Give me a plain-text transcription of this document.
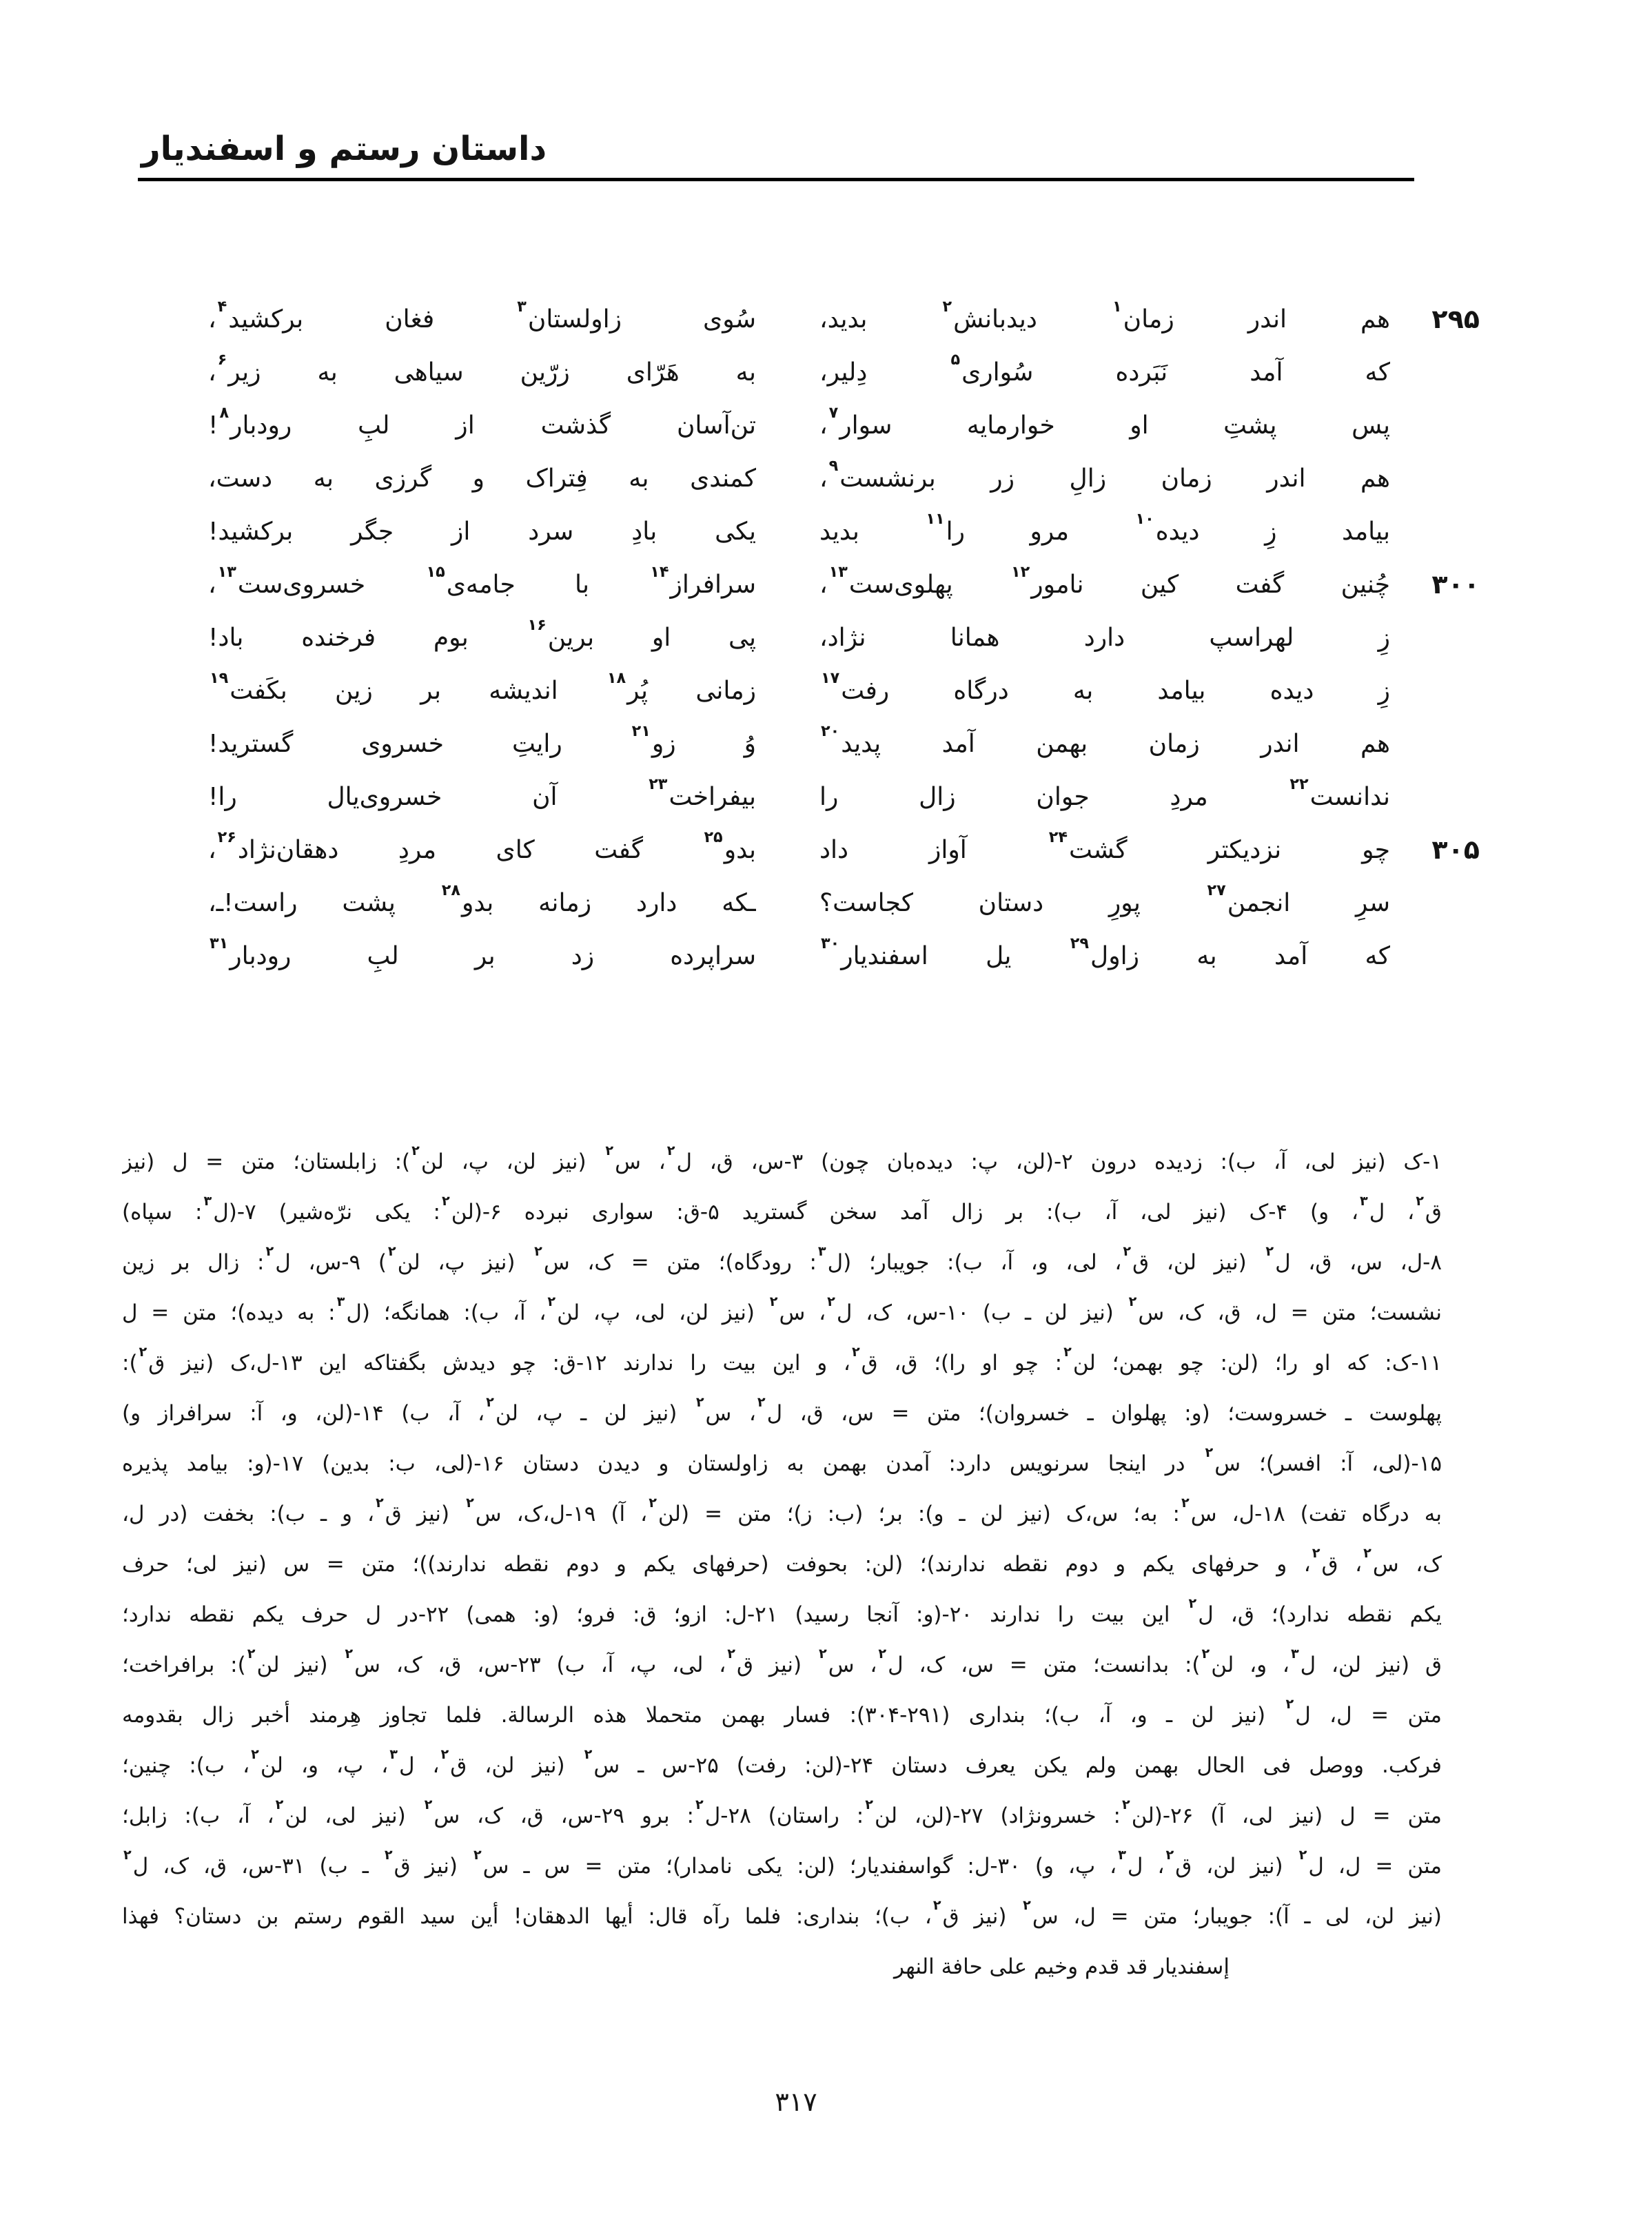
داستان رستم و اسفندیار
۲۹۵
هم اندر زمان$^۱$ دیدبانش$^۲$ بدید،
سُوی زاولستان$^۳$ فغان برکشید$^۴$،
که آمد نَبَرده سُواری$^۵$ دِلیر،
به هَرّای زرّین سیاهی به زیر$^۶$،
پس پشتِ او خوارمایه سوار$^۷$،
تن‌آسان گذشت از لبِ رودبار$^۸$!
هم اندر زمان زالِ زر برنشست$^۹$،
کمندی به فِتراک و گرزی به دست،
بیامد زِ دیده$^{۱۰}$ مرو را$^{۱۱}$ بدید
یکی بادِ سرد از جگر برکشید!
۳۰۰
چُنین گفت کین نامور$^{۱۲}$ پهلوی‌ست$^{۱۳}$،
سرافراز$^{۱۴}$ با جامه‌ی$^{۱۵}$ خسروی‌ست$^{۱۳}$،
زِ لهراسپ دارد همانا نژاد،
پی او برین$^{۱۶}$ بوم فرخنده باد!
زِ دیده بیامد به درگاه رفت$^{۱۷}$
زمانی پُر$^{۱۸}$ اندیشه بر زین بکَفت$^{۱۹}$
هم اندر زمان بهمن آمد پدید$^{۲۰}$
وُ زو$^{۲۱}$ رایتِ خسروی گسترید!
ندانست$^{۲۲}$ مردِ جوان زال را
بیفراخت$^{۲۳}$ آن خسروی‌یال را!
۳۰۵
چو نزدیکتر گشت$^{۲۴}$ آواز داد
بدو$^{۲۵}$ گفت کای مردِ دهقان‌نژاد$^{۲۶}$،
سرِ انجمن$^{۲۷}$ پورِ دستان کجاست؟
ـکه دارد زمانه بدو$^{۲۸}$ پشت راست!ـ،
که آمد به زاول$^{۲۹}$ یل اسفندیار$^{۳۰}$
سراپرده زد بر لبِ رودبار$^{۳۱}$
۱-ک (نیز لی، آ، ب): زدیده درون ۲-(لن، پ: دیده‌بان چون) ۳-س، ق، ل$^۲$، س$^۲$ (نیز لن، پ، لن$^۲$): زابلستان؛ متن = ل (نیز
ق$^۲$، ل$^۳$، و) ۴-ک (نیز لی، آ، ب): بر زال آمد سخن گسترید ۵-ق: سواری نبرده ۶-(لن$^۲$: یکی نرّه‌شیر) ۷-(ل$^۳$: سپاه)
۸-ل، س، ق، ل$^۲$ (نیز لن، ق$^۲$، لی، و، آ، ب): جویبار؛ (ل$^۳$: رودگاه)؛ متن = ک، س$^۲$ (نیز پ، لن$^۲$) ۹-س، ل$^۲$: زال بر زین
نشست؛ متن = ل، ق، ک، س$^۲$ (نیز لن ـ ب) ۱۰-س، ک، ل$^۲$، س$^۲$ (نیز لن، لی، پ، لن$^۲$، آ، ب): همانگه؛ (ل$^۳$: به دیده)؛ متن = ل
۱۱-ک: که او را؛ (لن: چو بهمن؛ لن$^۲$: چو او را)؛ ق، ق$^۲$، و این بیت را ندارند ۱۲-ق: چو دیدش بگفتاکه این ۱۳-ل،ک (نیز ق$^۲$):
پهلوست ـ خسروست؛ (و: پهلوان ـ خسروان)؛ متن = س، ق، ل$^۲$، س$^۲$ (نیز لن ـ پ، لن$^۲$، آ، ب) ۱۴-(لن، و، آ: سرافراز و)
۱۵-(لی، آ: افسر)؛ س$^۲$ در اینجا سرنویس دارد: آمدن بهمن به زاولستان و دیدن دستان ۱۶-(لی، ب: بدین) ۱۷-(و: بیامد پذیره
به درگاه تفت) ۱۸-ل، س$^۲$: به؛ س،ک (نیز لن ـ و): بر؛ (ب: ز)؛ متن = (لن$^۲$، آ) ۱۹-ل،ک، س$^۲$ (نیز ق$^۲$، و ـ ب): بخفت (در ل،
ک، س$^۲$، ق$^۲$، و حرفهای یکم و دوم نقطه ندارند)؛ (لن: بحوفت (حرفهای یکم و دوم نقطه ندارند))؛ متن = س (نیز لی؛ حرف
یکم نقطه ندارد)؛ ق، ل$^۲$ این بیت را ندارند ۲۰-(و: آنجا رسید) ۲۱-ل: ازو؛ ق: فرو؛ (و: همی) ۲۲-در ل حرف یکم نقطه ندارد؛
ق (نیز لن، ل$^۳$، و، لن$^۲$): بدانست؛ متن = س، ک، ل$^۲$، س$^۲$ (نیز ق$^۲$، لی، پ، آ، ب) ۲۳-س، ق، ک، س$^۲$ (نیز لن$^۲$): برافراخت؛
متن = ل، ل$^۲$ (نیز لن ـ و، آ، ب)؛ بنداری (۲۹۱-۳۰۴): فسار بهمن متحملا هذه الرسالة. فلما تجاوز هِرمند أخبر زال بقدومه
فرکب. ووصل فی الحال بهمن ولم یکن یعرف دستان ۲۴-(لن: رفت) ۲۵-س ـ س$^۲$ (نیز لن، ق$^۲$، ل$^۳$، پ، و، لن$^۲$، ب): چنین؛
متن = ل (نیز لی، آ) ۲۶-(لن$^۲$: خسرونژاد) ۲۷-(لن، لن$^۲$: راستان) ۲۸-ل$^۲$: برو ۲۹-س، ق، ک، س$^۲$ (نیز لی، لن$^۲$، آ، ب): زابل؛
متن = ل، ل$^۲$ (نیز لن، ق$^۲$، ل$^۳$، پ، و) ۳۰-ل: گواسفندیار؛ (لن: یکی نامدار)؛ متن = س ـ س$^۲$ (نیز ق$^۲$ ـ ب) ۳۱-س، ق، ک، ل$^۲$
(نیز لن، لی ـ آ): جویبار؛ متن = ل، س$^۲$ (نیز ق$^۲$، ب)؛ بنداری: فلما رآه قال: أیها الدهقان! أین سید القوم رستم بن دستان؟ فهذا
إسفندیار قد قدم وخیم علی حافة النهر
۳۱۷
